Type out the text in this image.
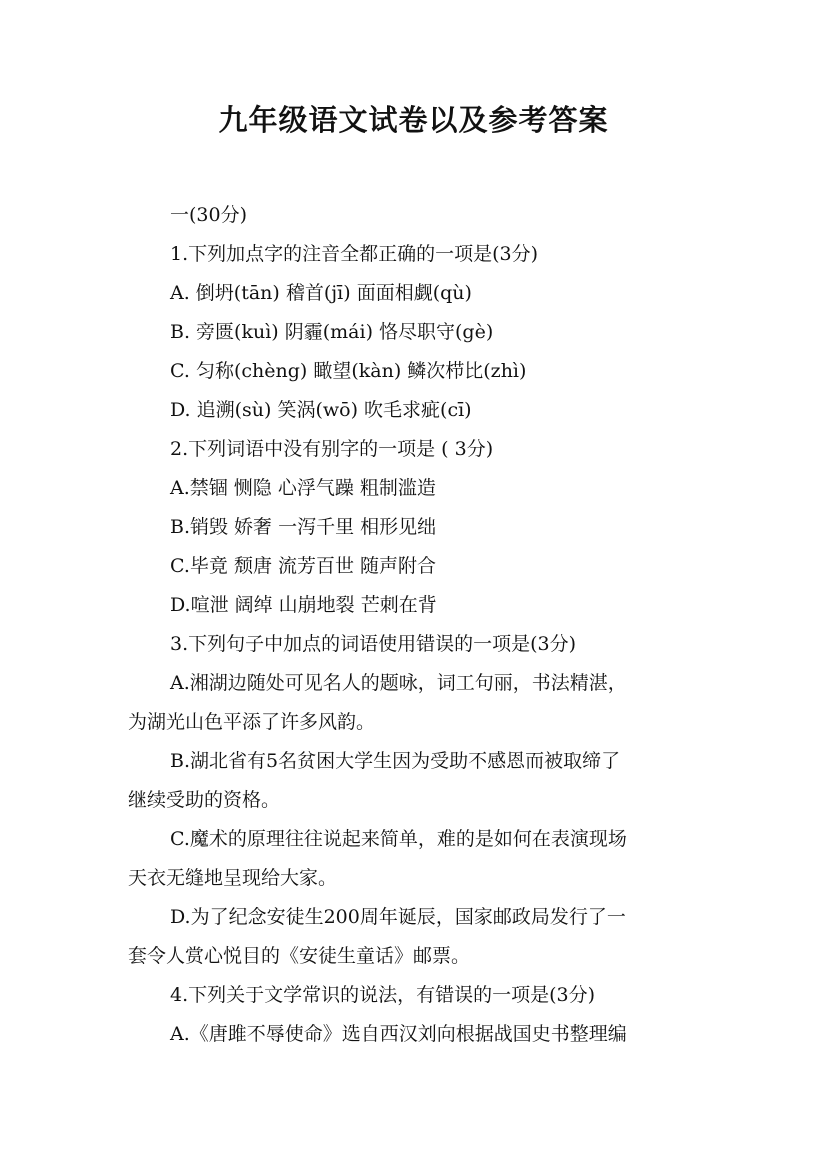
九年级语文试卷以及参考答案
一(30分)
1.下列加点字的注音全都正确的一项是(3分)
A. 倒坍(tān) 稽首(jī) 面面相觑(qù)
B. 旁匮(kuì) 阴霾(mái) 恪尽职守(gè)
C. 匀称(chèng) 瞰望(kàn) 鳞次栉比(zhì)
D. 追溯(sù) 笑涡(wō) 吹毛求疵(cī)
2.下列词语中没有别字的一项是 ( 3分)
A.禁锢 恻隐 心浮气躁 粗制滥造
B.销毁 娇奢 一泻千里 相形见绌
C.毕竟 颓唐 流芳百世 随声附合
D.喧泄 阔绰 山崩地裂 芒刺在背
3.下列句子中加点的词语使用错误的一项是(3分)
A.湘湖边随处可见名人的题咏，词工句丽，书法精湛，
为湖光山色平添了许多风韵。
B.湖北省有5名贫困大学生因为受助不感恩而被取缔了
继续受助的资格。
C.魔术的原理往往说起来简单，难的是如何在表演现场
天衣无缝地呈现给大家。
D.为了纪念安徒生200周年诞辰，国家邮政局发行了一
套令人赏心悦目的《安徒生童话》邮票。
4.下列关于文学常识的说法，有错误的一项是(3分)
A.《唐雎不辱使命》选自西汉刘向根据战国史书整理编
